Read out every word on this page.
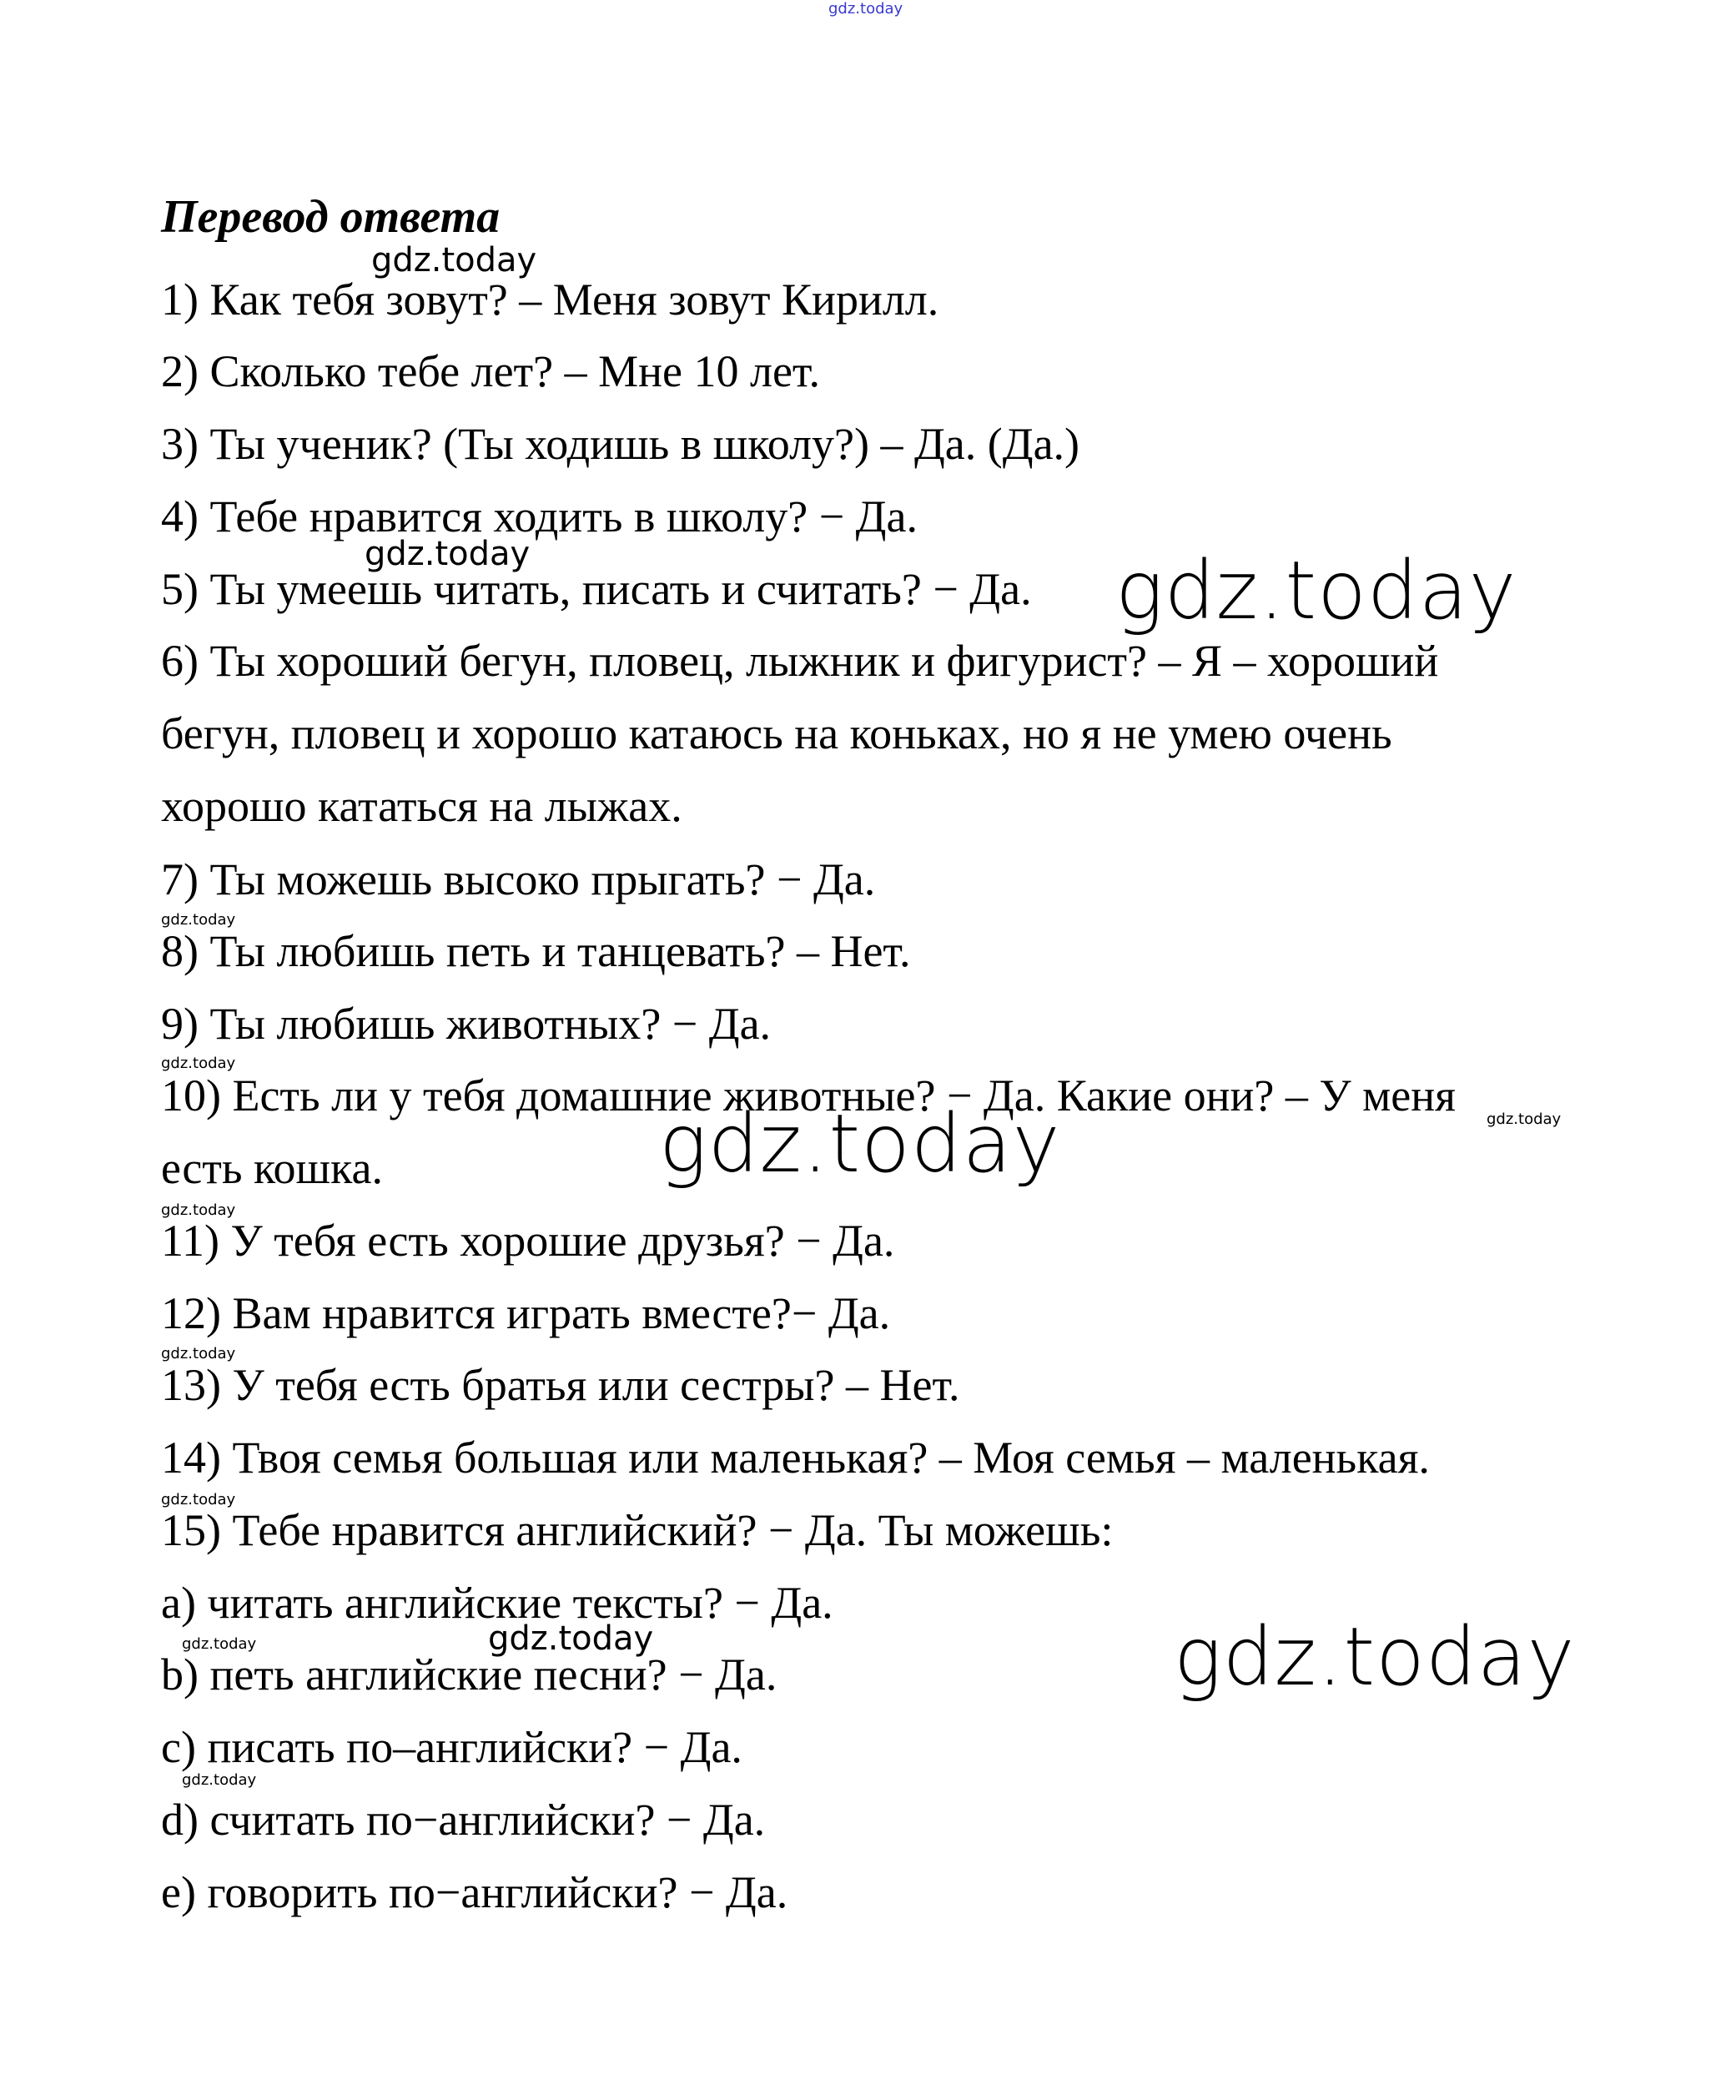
gdz.today
Перевод ответа
1) Как тебя зовут? – Меня зовут Кирилл.
2) Сколько тебе лет? – Мне 10 лет.
3) Ты ученик? (Ты ходишь в школу?) – Да. (Да.)
4) Тебе нравится ходить в школу? − Да.
5) Ты умеешь читать, писать и считать? − Да.
6) Ты хороший бегун, пловец, лыжник и фигурист? – Я – хороший
бегун, пловец и хорошо катаюсь на коньках, но я не умею очень
хорошо кататься на лыжах.
7) Ты можешь высоко прыгать? − Да.
8) Ты любишь петь и танцевать? – Нет.
9) Ты любишь животных? − Да.
10) Есть ли у тебя домашние животные? − Да. Какие они? – У меня
есть кошка.
11) У тебя есть хорошие друзья? − Да.
12) Вам нравится играть вместе?− Да.
13) У тебя есть братья или сестры? – Нет.
14) Твоя семья большая или маленькая? – Моя семья – маленькая.
15) Тебе нравится английский? − Да. Ты можешь:
a) читать английские тексты? − Да.
b) петь английские песни? − Да.
c) писать по–английски? − Да.
d) считать по−английски? − Да.
e) говорить по−английски? − Да.
gdz.today
gdz.today	gdz.today
gdz.today
gdz.today
gdz.today
gdz.today
gdz.today
gdz.today
gdz.today
gdz.today	gdz.today	gdz.today
gdz.today
